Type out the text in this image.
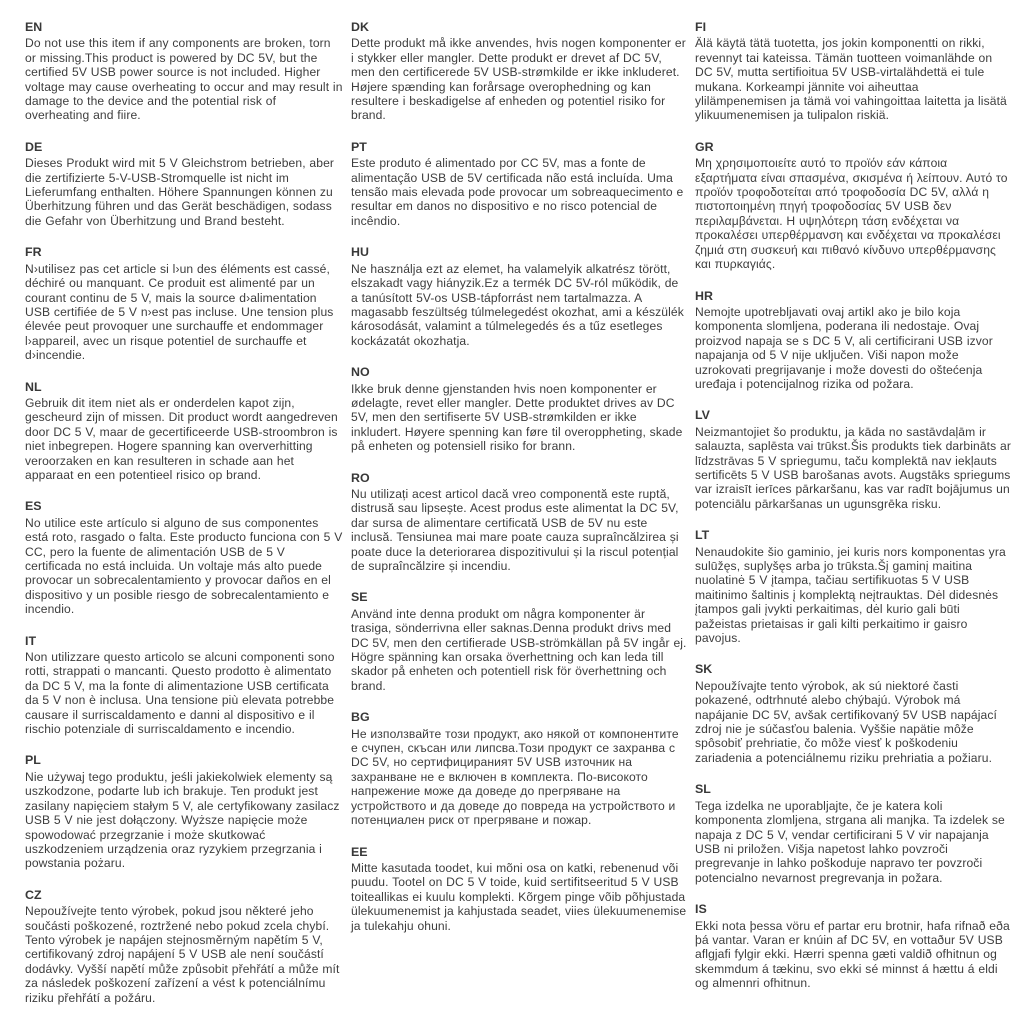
EN

Do not use this item if any components are broken, torn or missing.This product is powered by DC 5V, but the certified 5V USB power source is not included. Higher voltage may cause overheating to occur and may result in damage to the device and the potential risk of overheating and fiire.

DE

Dieses Produkt wird mit 5 V Gleichstrom betrieben, aber die zertifizierte 5-V-USB-Stromquelle ist nicht im Lieferumfang enthalten. Höhere Spannungen können zu Überhitzung führen und das Gerät beschädigen, sodass die Gefahr von Überhitzung und Brand besteht.

FR

N›utilisez pas cet article si l›un des éléments est cassé, déchiré ou manquant. Ce produit est alimenté par un courant continu de 5 V, mais la source d›alimentation USB certifiée de 5 V n›est pas incluse. Une tension plus élevée peut provoquer une surchauffe et endommager l›appareil, avec un risque potentiel de surchauffe et d›incendie.

NL

Gebruik dit item niet als er onderdelen kapot zijn, gescheurd zijn of missen. Dit product wordt aangedreven door DC 5 V, maar de gecertificeerde USB-stroombron is niet inbegrepen. Hogere spanning kan oververhitting veroorzaken en kan resulteren in schade aan het apparaat en een potentieel risico op brand.

ES

No utilice este artículo si alguno de sus componentes está roto, rasgado o falta. Este producto funciona con 5 V CC, pero la fuente de alimentación USB de 5 V certificada no está incluida. Un voltaje más alto puede provocar un sobrecalentamiento y provocar daños en el dispositivo y un posible riesgo de sobrecalentamiento e incendio.

IT

Non utilizzare questo articolo se alcuni componenti sono rotti, strappati o mancanti. Questo prodotto è alimentato da DC 5 V, ma la fonte di alimentazione USB certificata da 5 V non è inclusa. Una tensione più elevata potrebbe causare il surriscaldamento e danni al dispositivo e il rischio potenziale di surriscaldamento e incendio.

PL

Nie używaj tego produktu, jeśli jakiekolwiek elementy są uszkodzone, podarte lub ich brakuje. Ten produkt jest zasilany napięciem stałym 5 V, ale certyfikowany zasilacz USB 5 V nie jest dołączony. Wyższe napięcie może spowodować przegrzanie i może skutkować uszkodzeniem urządzenia oraz ryzykiem przegrzania i powstania pożaru.

CZ

Nepoužívejte tento výrobek, pokud jsou některé jeho součásti poškozené, roztržené nebo pokud zcela chybí. Tento výrobek je napájen stejnosměrným napětím 5 V, certifikovaný zdroj napájení 5 V USB ale není součástí dodávky. Vyšší napětí může způsobit přehřátí a může mít za následek poškození zařízení a vést k potenciálnímu riziku přehřátí a požáru.

DK

Dette produkt må ikke anvendes, hvis nogen komponenter er i stykker eller mangler. Dette produkt er drevet af DC 5V, men den certificerede 5V USB-strømkilde er ikke inkluderet. Højere spænding kan forårsage overophedning og kan resultere i beskadigelse af enheden og potentiel risiko for brand.

PT

Este produto é alimentado por CC 5V, mas a fonte de alimentação USB de 5V certificada não está incluída. Uma tensão mais elevada pode provocar um sobreaquecimento e resultar em danos no dispositivo e no risco potencial de incêndio.

HU

Ne használja ezt az elemet, ha valamelyik alkatrész törött, elszakadt vagy hiányzik.Ez a termék DC 5V-ról működik, de a tanúsított 5V-os USB-tápforrást nem tartalmazza. A magasabb feszültség túlmelegedést okozhat, ami a készülék károsodását, valamint a túlmelegedés és a tűz esetleges kockázatát okozhatja.

NO

Ikke bruk denne gjenstanden hvis noen komponenter er ødelagte, revet eller mangler. Dette produktet drives av DC 5V, men den sertifiserte 5V USB-strømkilden er ikke inkludert. Høyere spenning kan føre til overoppheting, skade på enheten og potensiell risiko for brann.

RO

Nu utilizați acest articol dacă vreo componentă este ruptă, distrusă sau lipsește. Acest produs este alimentat la DC 5V, dar sursa de alimentare certificată USB de 5V nu este inclusă. Tensiunea mai mare poate cauza supraîncălzirea și poate duce la deteriorarea dispozitivului și la riscul potențial de supraîncălzire și incendiu.

SE

Använd inte denna produkt om några komponenter är trasiga, sönderrivna eller saknas.Denna produkt drivs med DC 5V, men den certifierade USB-strömkällan på 5V ingår ej. Högre spänning kan orsaka överhettning och kan leda till skador på enheten och potentiell risk för överhettning och brand.

BG

Не използвайте този продукт, ако някой от компонентите е счупен, скъсан или липсва.Този продукт се захранва с DC 5V, но сертифицираният 5V USB източник на захранване не е включен в комплекта. По-високото напрежение може да доведе до прегряване на устройството и да доведе до повреда на устройството и потенциален риск от прегряване и пожар.

EE

Mitte kasutada toodet, kui mõni osa on katki, rebenenud või puudu. Tootel on DC 5 V toide, kuid sertifitseeritud 5 V USB toiteallikas ei kuulu komplekti. Kõrgem pinge võib põhjustada ülekuumenemist ja kahjustada seadet, viies ülekuumenemise ja tulekahju ohuni.

FI

Älä käytä tätä tuotetta, jos jokin komponentti on rikki, revennyt tai kateissa. Tämän tuotteen voimanlähde on DC 5V, mutta sertifioitua 5V USB-virtalähdettä ei tule mukana. Korkeampi jännite voi aiheuttaa ylilämpenemisen ja tämä voi vahingoittaa laitetta ja lisätä ylikuumenemisen ja tulipalon riskiä.

GR

Μη χρησιμοποιείτε αυτό το προϊόν εάν κάποια εξαρτήματα είναι σπασμένα, σκισμένα ή λείπουν. Αυτό το προϊόν τροφοδοτείται από τροφοδοσία DC 5V, αλλά η πιστοποιημένη πηγή τροφοδοσίας 5V USB δεν περιλαμβάνεται. Η υψηλότερη τάση ενδέχεται να προκαλέσει υπερθέρμανση και ενδέχεται να προκαλέσει ζημιά στη συσκευή και πιθανό κίνδυνο υπερθέρμανσης και πυρκαγιάς.

HR

Nemojte upotrebljavati ovaj artikl ako je bilo koja komponenta slomljena, poderana ili nedostaje. Ovaj proizvod napaja se s DC 5 V, ali certificirani USB izvor napajanja od 5 V nije uključen. Viši napon može uzrokovati pregrijavanje i može dovesti do oštećenja uređaja i potencijalnog rizika od požara.

LV

Neizmantojiet šo produktu, ja kāda no sastāvdaļām ir salauzta, saplēsta vai trūkst.Šis produkts tiek darbināts ar līdzstrāvas 5 V spriegumu, taču komplektā nav iekļauts sertificēts 5 V USB barošanas avots. Augstāks spriegums var izraisīt ierīces pārkaršanu, kas var radīt bojājumus un potenciālu pārkaršanas un ugunsgrēka risku.

LT

Nenaudokite šio gaminio, jei kuris nors komponentas yra sulūžęs, suplyšęs arba jo trūksta.Šį gaminį maitina nuolatinė 5 V įtampa, tačiau sertifikuotas 5 V USB maitinimo šaltinis į komplektą neįtrauktas. Dėl didesnės įtampos gali įvykti perkaitimas, dėl kurio gali būti pažeistas prietaisas ir gali kilti perkaitimo ir gaisro pavojus.

SK

Nepoužívajte tento výrobok, ak sú niektoré časti pokazené, odtrhnuté alebo chýbajú. Výrobok má napájanie DC 5V, avšak certifikovaný 5V USB napájací zdroj nie je súčasťou balenia. Vyššie napätie môže spôsobiť prehriatie, čo môže viesť k poškodeniu zariadenia a potenciálnemu riziku prehriatia a požiaru.

SL

Tega izdelka ne uporabljajte, če je katera koli komponenta zlomljena, strgana ali manjka. Ta izdelek se napaja z DC 5 V, vendar certificirani 5 V vir napajanja USB ni priložen. Višja napetost lahko povzroči pregrevanje in lahko poškoduje napravo ter povzroči potencialno nevarnost pregrevanja in požara.

IS

Ekki nota þessa vöru ef partar eru brotnir, hafa rifnað eða þá vantar. Varan er knúin af DC 5V, en vottaður 5V USB aflgjafi fylgir ekki. Hærri spenna gæti valdið ofhitnun og skemmdum á tækinu, svo ekki sé minnst á hættu á eldi og almennri ofhitnun.
